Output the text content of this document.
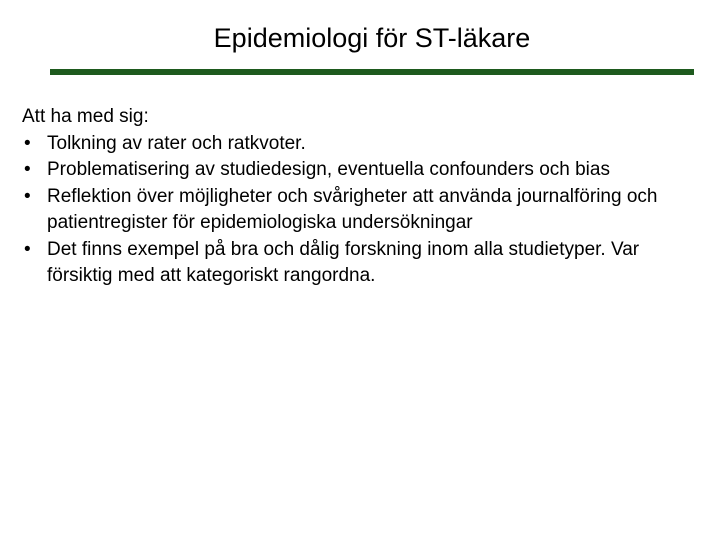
Epidemiologi för ST-läkare

Att ha med sig:

• Tolkning av rater och ratkvoter.
• Problematisering av studiedesign, eventuella confounders och bias
• Reflektion över möjligheter och svårigheter att använda journalföring och patientregister för epidemiologiska undersökningar
• Det finns exempel på bra och dålig forskning inom alla studietyper. Var försiktig med att kategoriskt rangordna.
